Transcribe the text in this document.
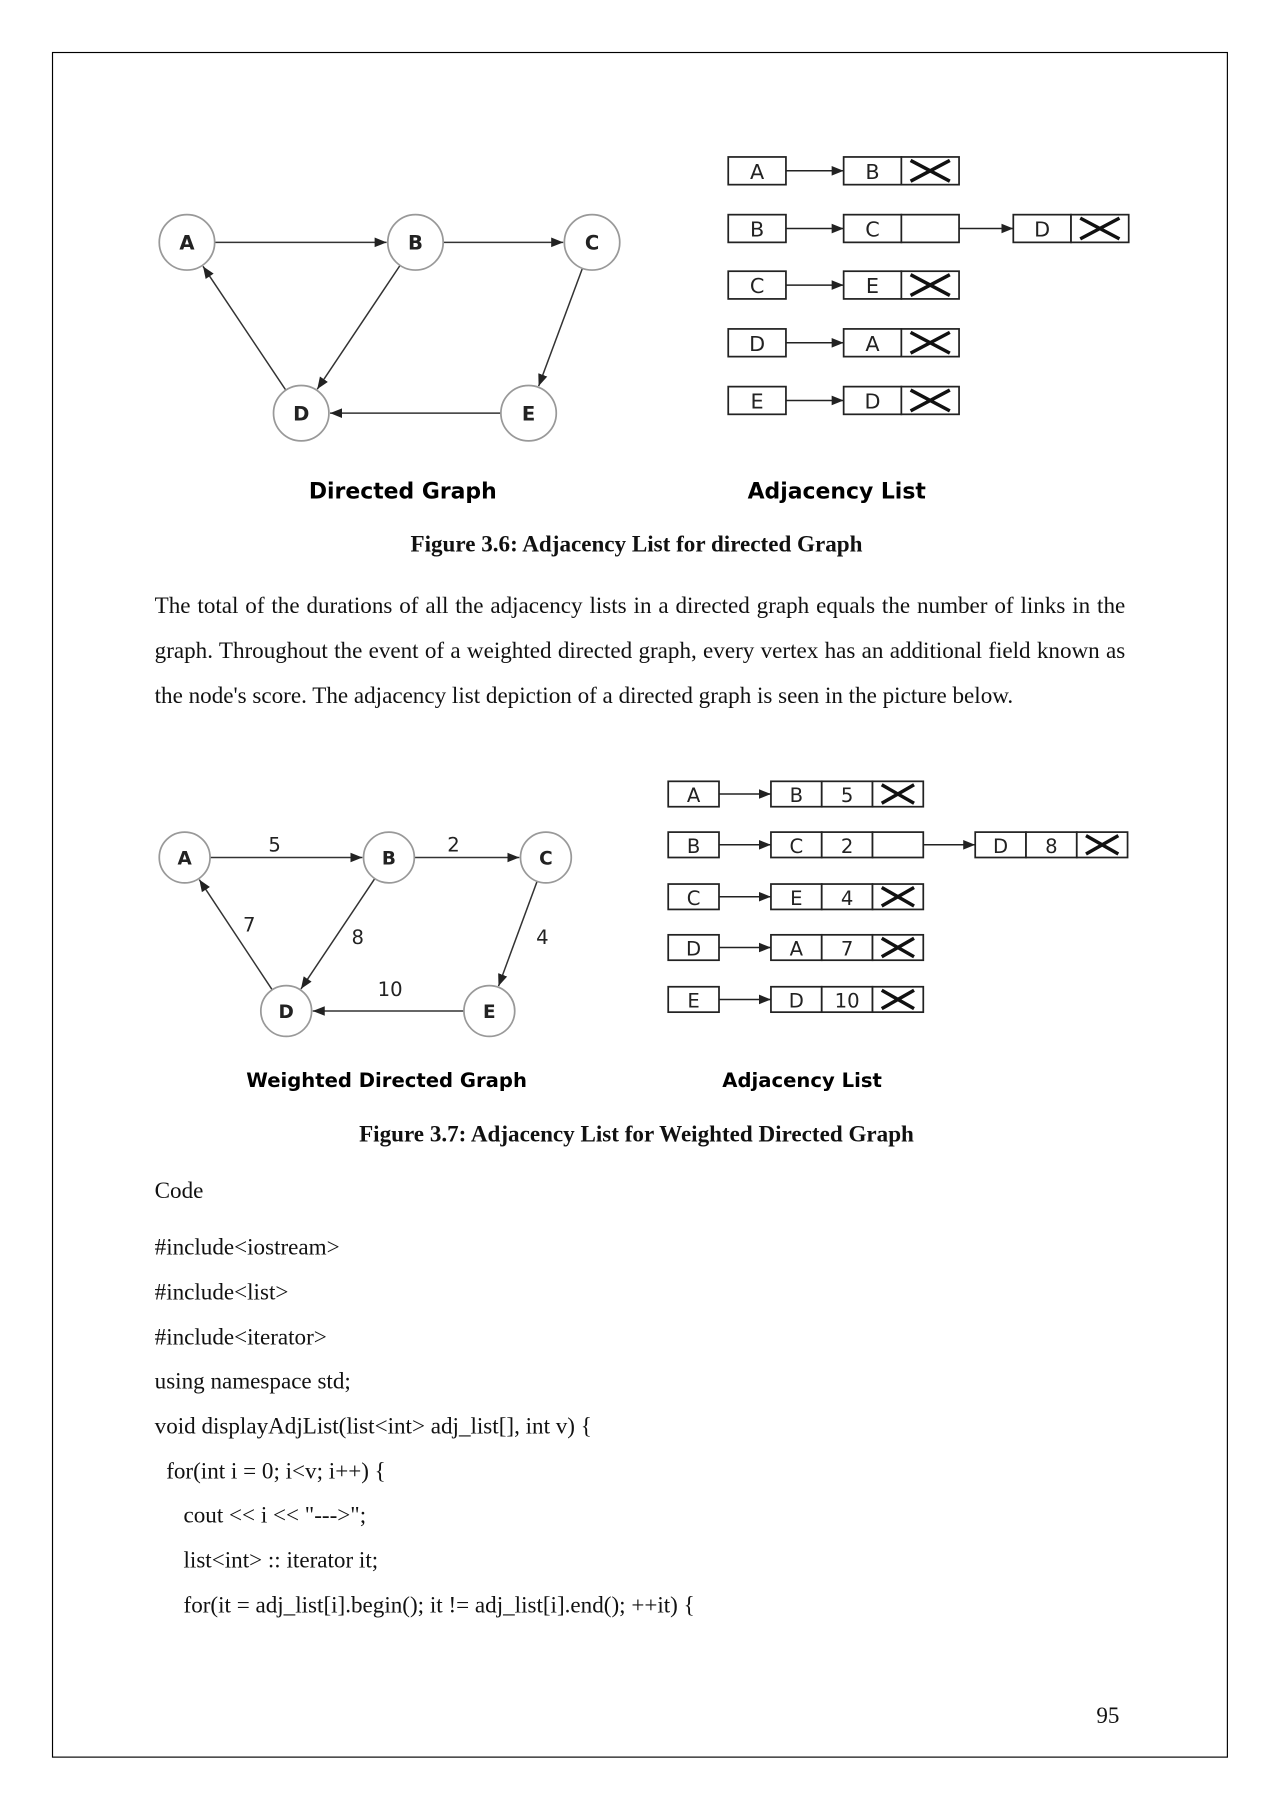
Directed Graph	Adjacency List
Weighted Directed Graph	Adjacency List
A	B	C
D	E
5	2
4
10
8
7
A	B	C
D	E
A	B
B	C	D
C	E
D	A
E	D
A	B 5
B	C 2	D 8
C	E 4
D	A 7
E	D 10
Figure 3.6: Adjacency List for directed Graph
The total of the durations of all the adjacency lists in a directed graph equals the number of links in the graph. Throughout the event of a weighted directed graph, every vertex has an additional field known as the node's score. The adjacency list depiction of a directed graph is seen in the picture below.
Figure 3.7: Adjacency List for Weighted Directed Graph
Code
#include<iostream>
#include<list>
#include<iterator>
using namespace std;
void displayAdjList(list<int> adj_list[], int v) {
for(int i = 0; i<v; i++) {
cout << i << "--->";
list<int> :: iterator it;
for(it = adj_list[i].begin(); it != adj_list[i].end(); ++it) {
95
